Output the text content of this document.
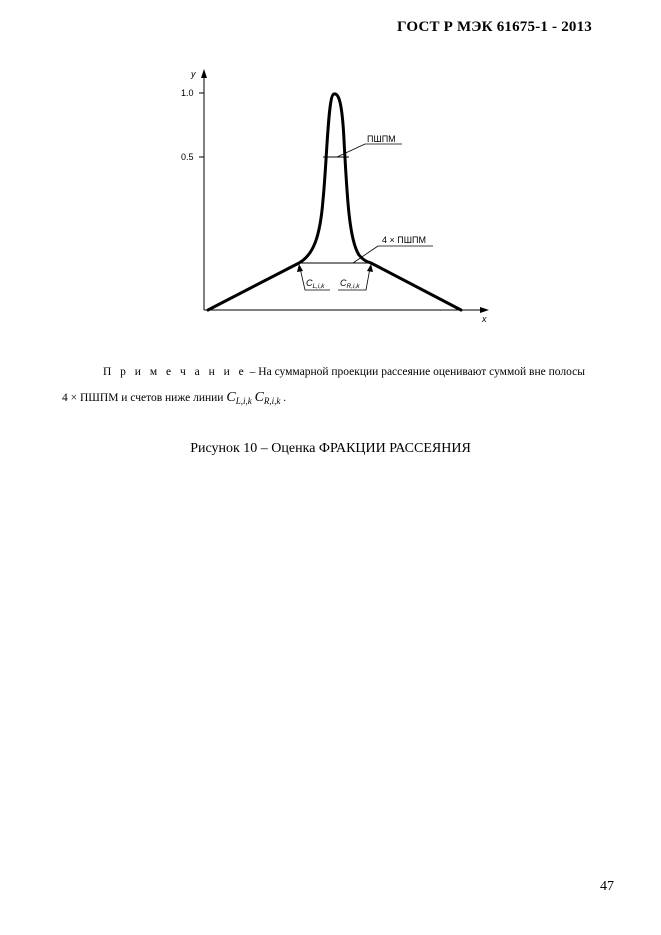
ГОСТ Р МЭК 61675-1 - 2013
y
x
1.0
0.5
ПШПМ
4 × ПШПМ
$C_{L,i,k}$ $C_{R,i,k}$
П р и м е ч а н и е – На суммарной проекции рассеяние оценивают суммой вне полосы
4 × ПШПМ и счетов ниже линии $C_{L,i,k}$ $C_{R,i,k}$ .
Рисунок 10 – Оценка ФРАКЦИИ РАССЕЯНИЯ
47
